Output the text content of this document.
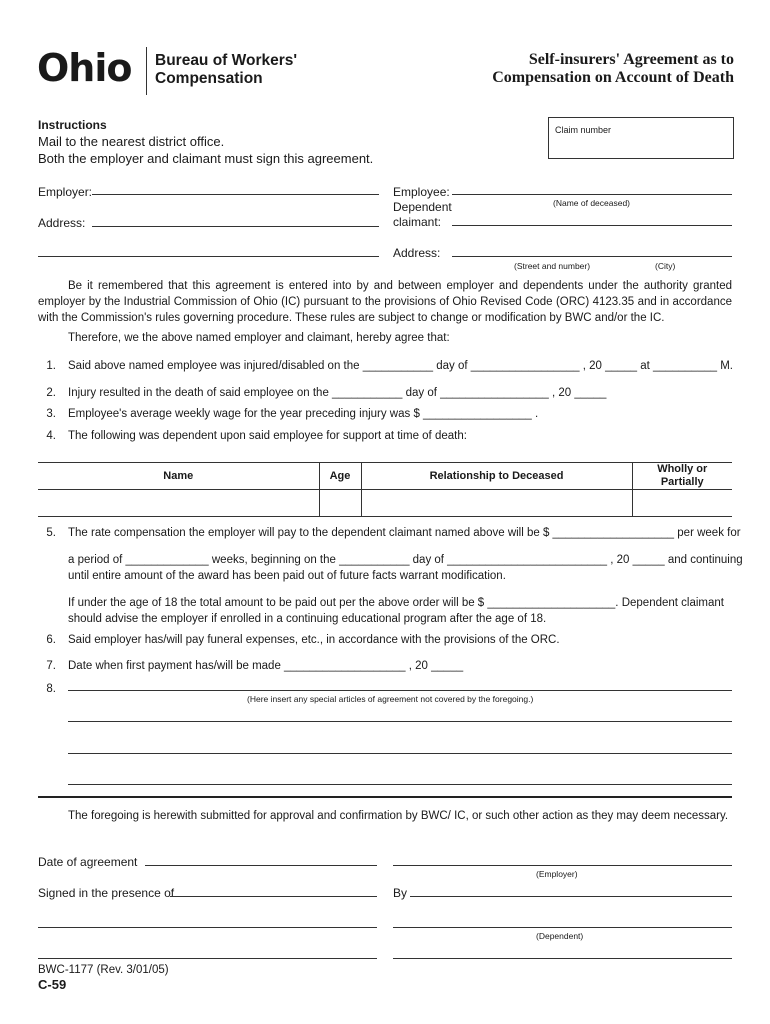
Ohio Bureau of Workers'
Compensation
Self-insurers' Agreement as to
Compensation on Account of Death
Instructions
Mail to the nearest district office.
Both the employer and claimant must sign this agreement.
Claim number
Employer:
Address:
Employee:
Dependent	(Name of deceased)
claimant:
Address:
(Street and number)	(City)
Be it remembered that this agreement is entered into by and between employer and dependents under the authority granted employer by the Industrial Commission of Ohio (IC) pursuant to the provisions of Ohio Revised Code (ORC) 4123.35 and in accordance with the Commission's rules governing procedure. These rules are subject to change or modification by BWC and/or the IC.
Therefore, we the above named employer and claimant, hereby agree that:
1. Said above named employee was injured/disabled on the ___________ day of _________________ , 20 _____ at __________ M.
2. Injury resulted in the death of said employee on the ___________ day of _________________ , 20 _____
3. Employee's average weekly wage for the year preceding injury was $ _________________ .
4. The following was dependent upon said employee for support at time of death:
Name	Age	Relationship to Deceased	Wholly or Partially

5. The rate compensation the employer will pay to the dependent claimant named above will be $ ___________________ per week for
a period of _____________ weeks, beginning on the ___________ day of _________________________ , 20 _____ and continuing
until entire amount of the award has been paid out of future facts warrant modification.
If under the age of 18 the total amount to be paid out per the above order will be $ ____________________. Dependent claimant
should advise the employer if enrolled in a continuing educational program after the age of 18.
6. Said employer has/will pay funeral expenses, etc., in accordance with the provisions of the ORC.
7. Date when first payment has/will be made ___________________ , 20 _____
8.
(Here insert any special articles of agreement not covered by the foregoing.)
The foregoing is herewith submitted for approval and confirmation by BWC/ IC, or such other action as they may deem necessary.
Date of agreement
(Employer)
Signed in the presence of	By
(Dependent)
BWC-1177 (Rev. 3/01/05)
C-59
